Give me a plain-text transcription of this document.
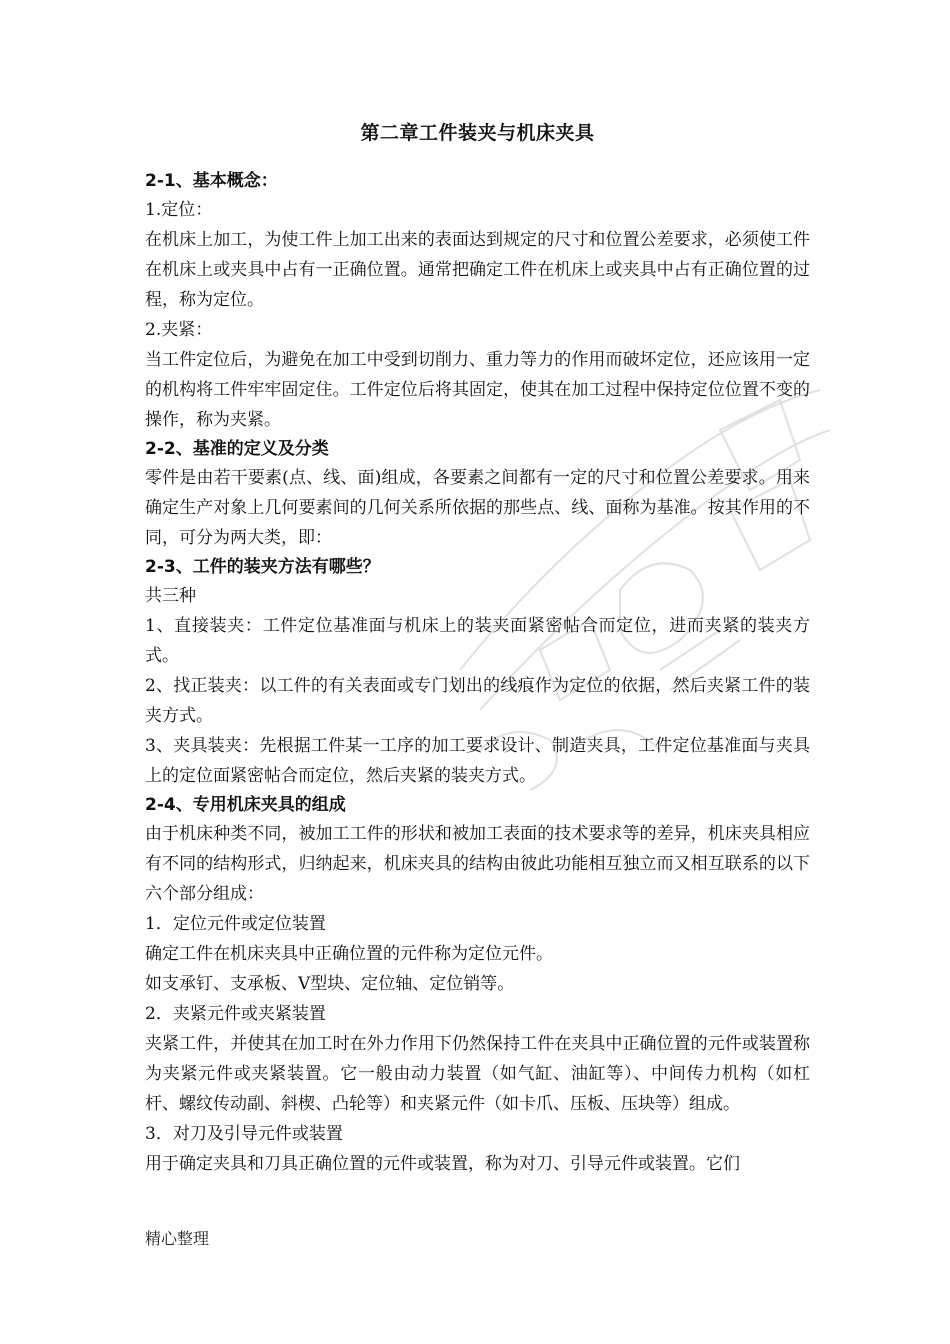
第二章工件装夹与机床夹具

2-1、基本概念：

1.定位：

在机床上加工，为使工件上加工出来的表面达到规定的尺寸和位置公差要求，必须使工件在机床上或夹具中占有一正确位置。通常把确定工件在机床上或夹具中占有正确位置的过程，称为定位。

2.夹紧：

当工件定位后，为避免在加工中受到切削力、重力等力的作用而破坏定位，还应该用一定的机构将工件牢牢固定住。工件定位后将其固定，使其在加工过程中保持定位位置不变的操作，称为夹紧。

2-2、基准的定义及分类

零件是由若干要素(点、线、面)组成，各要素之间都有一定的尺寸和位置公差要求。用来确定生产对象上几何要素间的几何关系所依据的那些点、线、面称为基准。按其作用的不同，可分为两大类，即：

2-3、工件的装夹方法有哪些？

共三种

1、直接装夹：工件定位基准面与机床上的装夹面紧密帖合而定位，进而夹紧的装夹方式。

2、找正装夹：以工件的有关表面或专门划出的线痕作为定位的依据，然后夹紧工件的装夹方式。

3、夹具装夹：先根据工件某一工序的加工要求设计、制造夹具，工件定位基准面与夹具上的定位面紧密帖合而定位，然后夹紧的装夹方式。

2-4、专用机床夹具的组成

由于机床种类不同，被加工工件的形状和被加工表面的技术要求等的差异，机床夹具相应有不同的结构形式，归纳起来，机床夹具的结构由彼此功能相互独立而又相互联系的以下六个部分组成：

1．定位元件或定位装置

确定工件在机床夹具中正确位置的元件称为定位元件。

如支承钉、支承板、V型块、定位轴、定位销等。

2．夹紧元件或夹紧装置

夹紧工件，并使其在加工时在外力作用下仍然保持工件在夹具中正确位置的元件或装置称为夹紧元件或夹紧装置。它一般由动力装置（如气缸、油缸等）、中间传力机构（如杠杆、螺纹传动副、斜楔、凸轮等）和夹紧元件（如卡爪、压板、压块等）组成。

3．对刀及引导元件或装置

用于确定夹具和刀具正确位置的元件或装置，称为对刀、引导元件或装置。它们

精心整理
